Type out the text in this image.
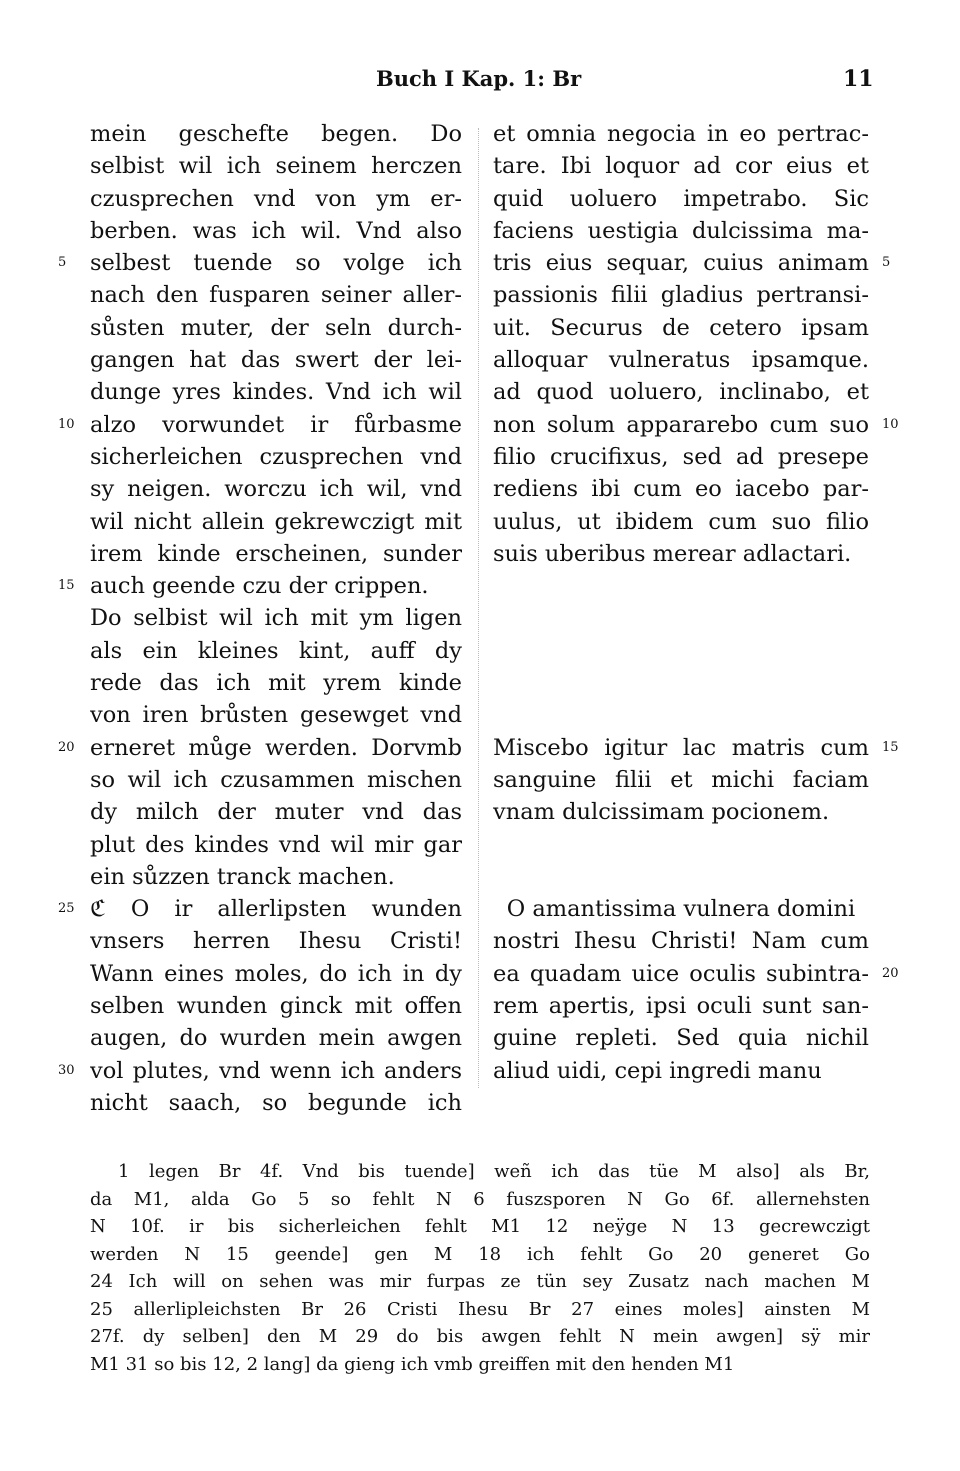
Buch I Kap. 1: Br	11
5
10
15
20
25
30
mein geschefte begen. Do
selbist wil ich seinem herczen
czusprechen vnd von ym er-
berben. was ich wil. Vnd also
selbest tuende so volge ich
nach den fusparen seiner aller-
sůsten muter, der seln durch-
gangen hat das swert der lei-
dunge yres kindes. Vnd ich wil
alzo vorwundet ir fůrbasme
sicherleichen czusprechen vnd
sy neigen. worczu ich wil, vnd
wil nicht allein gekrewczigt mit
irem kinde erscheinen, sunder
auch geende czu der crippen.
Do selbist wil ich mit ym ligen
als ein kleines kint, auff dy
rede das ich mit yrem kinde
von iren brůsten gesewget vnd
erneret můge werden. Dorvmb
so wil ich czusammen mischen
dy milch der muter vnd das
plut des kindes vnd wil mir gar
ein sůzzen tranck machen.
ℭ O ir allerlipsten wunden
vnsers herren Ihesu Cristi!
Wann eines moles, do ich in dy
selben wunden ginck mit offen
augen, do wurden mein awgen
vol plutes, vnd wenn ich anders
nicht saach, so begunde ich
et omnia negocia in eo pertrac-
tare. Ibi loquor ad cor eius et
quid uoluero impetrabo. Sic
faciens uestigia dulcissima ma-
tris eius sequar, cuius animam
passionis filii gladius pertransi-
uit. Securus de cetero ipsam
alloquar vulneratus ipsamque.
ad quod uoluero, inclinabo, et
non solum appararebo cum suo
filio crucifixus, sed ad presepe
rediens ibi cum eo iacebo par-
uulus, ut ibidem cum suo filio
suis uberibus merear adlactari.
Miscebo igitur lac matris cum
sanguine filii et michi faciam
vnam dulcissimam pocionem.
O amantissima vulnera domini
nostri Ihesu Christi! Nam cum
ea quadam uice oculis subintra-
rem apertis, ipsi oculi sunt san-
guine repleti. Sed quia nichil
aliud uidi, cepi ingredi manu
5
10
15
20
1 legen Br 4f. Vnd bis tuende] weñ ich das tüe M also] als Br,
da M1, alda Go 5 so fehlt N 6 fuszsporen N Go 6f. allernehsten
N 10f. ir bis sicherleichen fehlt M1 12 neÿge N 13 gecrewczigt
werden N 15 geende] gen M 18 ich fehlt Go 20 generet Go
24 Ich will on sehen was mir furpas ze tün sey Zusatz nach machen M
25 allerlipleichsten Br 26 Cristi Ihesu Br 27 eines moles] ainsten M
27f. dy selben] den M 29 do bis awgen fehlt N mein awgen] sÿ mir
M1 31 so bis 12, 2 lang] da gieng ich vmb greiffen mit den henden M1
